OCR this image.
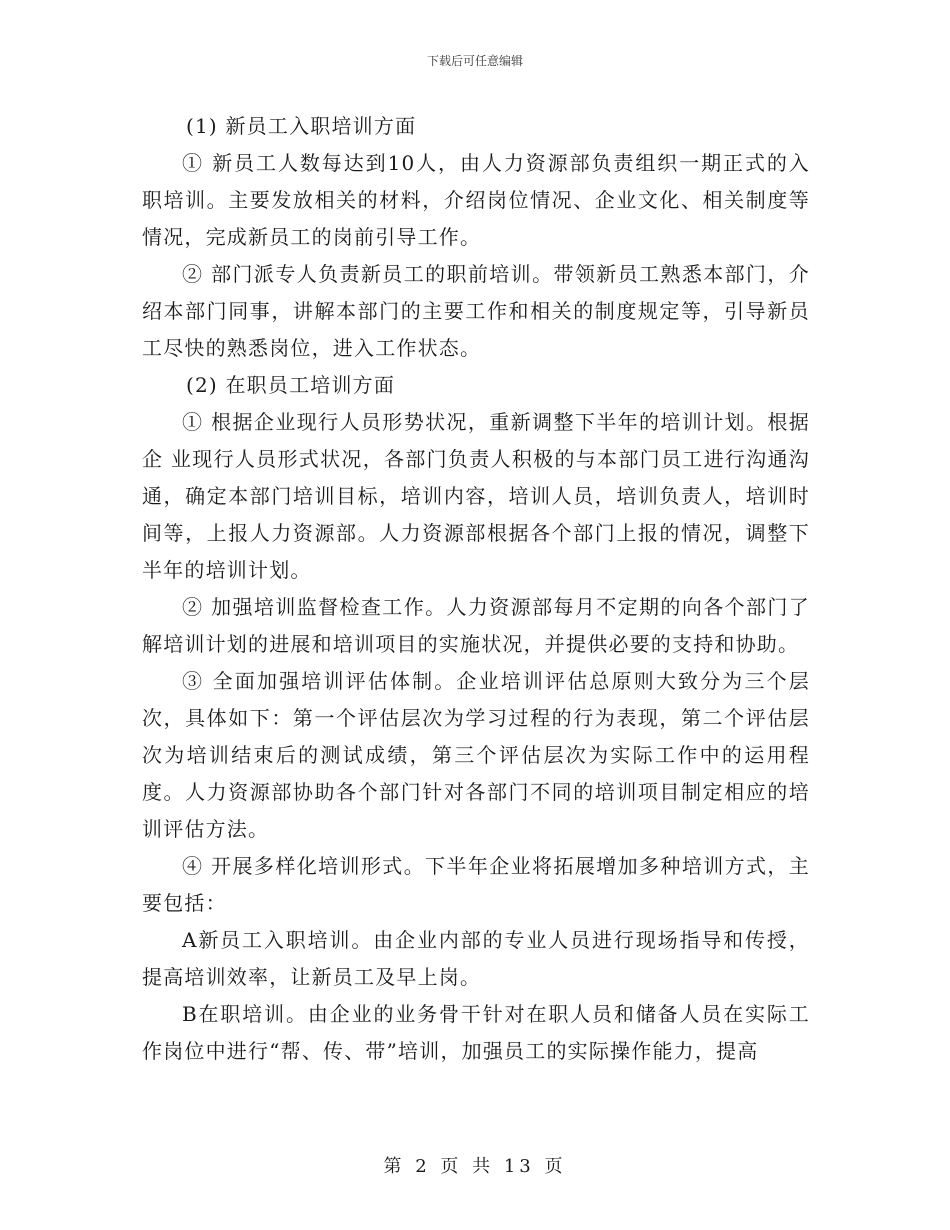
下载后可任意编辑

(1) 新员工入职培训方面

① 新员工人数每达到10人，由人力资源部负责组织一期正式的入职培训。主要发放相关的材料，介绍岗位情况、企业文化、相关制度等情况，完成新员工的岗前引导工作。

② 部门派专人负责新员工的职前培训。带领新员工熟悉本部门，介绍本部门同事，讲解本部门的主要工作和相关的制度规定等，引导新员工尽快的熟悉岗位，进入工作状态。

(2) 在职员工培训方面

① 根据企业现行人员形势状况，重新调整下半年的培训计划。根据企 业现行人员形式状况，各部门负责人积极的与本部门员工进行沟通沟通，确定本部门培训目标，培训内容，培训人员，培训负责人，培训时间等，上报人力资源部。人力资源部根据各个部门上报的情况，调整下半年的培训计划。

② 加强培训监督检查工作。人力资源部每月不定期的向各个部门了解培训计划的进展和培训项目的实施状况，并提供必要的支持和协助。

③ 全面加强培训评估体制。企业培训评估总原则大致分为三个层次，具体如下：第一个评估层次为学习过程的行为表现，第二个评估层次为培训结束后的测试成绩，第三个评估层次为实际工作中的运用程度。人力资源部协助各个部门针对各部门不同的培训项目制定相应的培训评估方法。

④ 开展多样化培训形式。下半年企业将拓展增加多种培训方式，主要包括：

A新员工入职培训。由企业内部的专业人员进行现场指导和传授，提高培训效率，让新员工及早上岗。

B在职培训。由企业的业务骨干针对在职人员和储备人员在实际工作岗位中进行“帮、传、带”培训，加强员工的实际操作能力，提高

第 2 页 共 13 页
